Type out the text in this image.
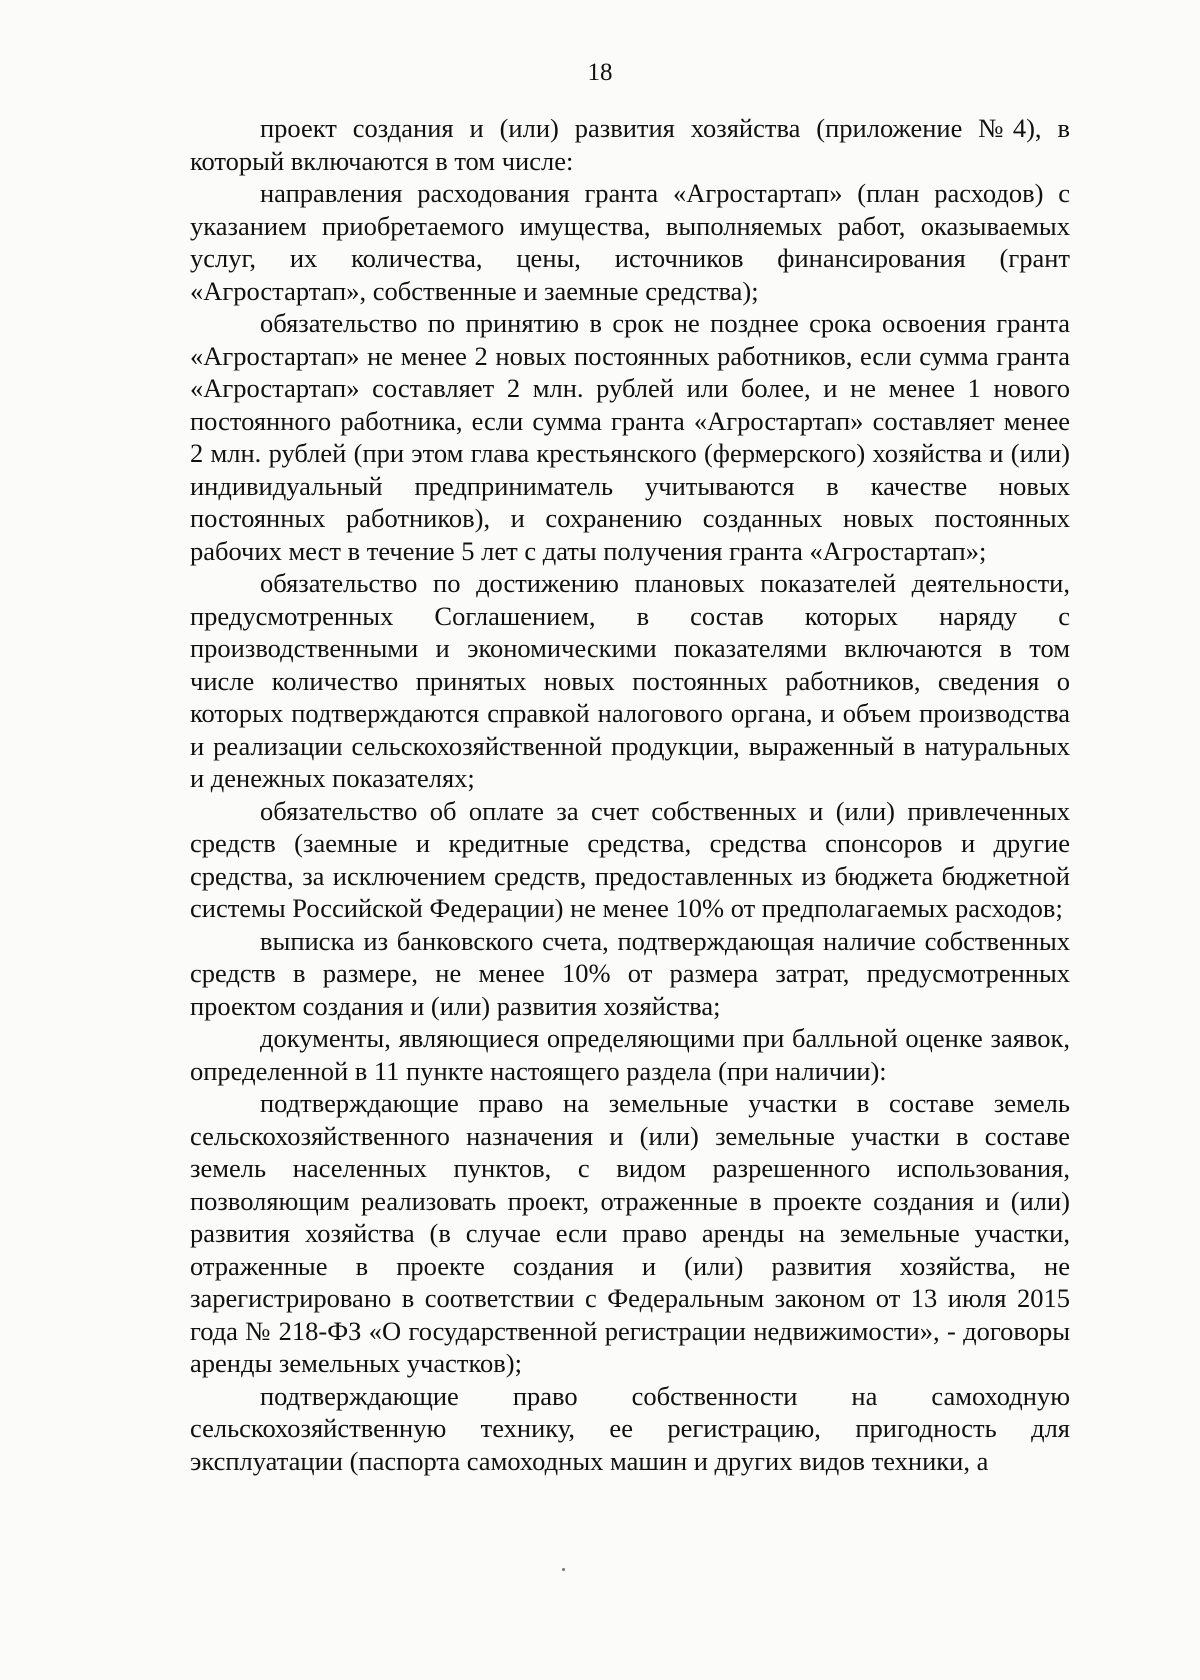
18

проект создания и (или) развития хозяйства (приложение №4), в который включаются в том числе:

направления расходования гранта «Агростартап» (план расходов) с указанием приобретаемого имущества, выполняемых работ, оказываемых услуг, их количества, цены, источников финансирования (грант «Агростартап», собственные и заемные средства);

обязательство по принятию в срок не позднее срока освоения гранта «Агростартап» не менее 2 новых постоянных работников, если сумма гранта «Агростартап» составляет 2 млн. рублей или более, и не менее 1 нового постоянного работника, если сумма гранта «Агростартап» составляет менее 2 млн. рублей (при этом глава крестьянского (фермерского) хозяйства и (или) индивидуальный предприниматель учитываются в качестве новых постоянных работников), и сохранению созданных новых постоянных рабочих мест в течение 5 лет с даты получения гранта «Агростартап»;

обязательство по достижению плановых показателей деятельности, предусмотренных Соглашением, в состав которых наряду с производственными и экономическими показателями включаются в том числе количество принятых новых постоянных работников, сведения о которых подтверждаются справкой налогового органа, и объем производства и реализации сельскохозяйственной продукции, выраженный в натуральных и денежных показателях;

обязательство об оплате за счет собственных и (или) привлеченных средств (заемные и кредитные средства, средства спонсоров и другие средства, за исключением средств, предоставленных из бюджета бюджетной системы Российской Федерации) не менее 10% от предполагаемых расходов;

выписка из банковского счета, подтверждающая наличие собственных средств в размере, не менее 10% от размера затрат, предусмотренных проектом создания и (или) развития хозяйства;

документы, являющиеся определяющими при балльной оценке заявок, определенной в 11 пункте настоящего раздела (при наличии):

подтверждающие право на земельные участки в составе земель сельскохозяйственного назначения и (или) земельные участки в составе земель населенных пунктов, с видом разрешенного использования, позволяющим реализовать проект, отраженные в проекте создания и (или) развития хозяйства (в случае если право аренды на земельные участки, отраженные в проекте создания и (или) развития хозяйства, не зарегистрировано в соответствии с Федеральным законом от 13 июля 2015 года № 218-ФЗ «О государственной регистрации недвижимости», - договоры аренды земельных участков);

подтверждающие право собственности на самоходную сельскохозяйственную технику, ее регистрацию, пригодность для эксплуатации (паспорта самоходных машин и других видов техники, а
